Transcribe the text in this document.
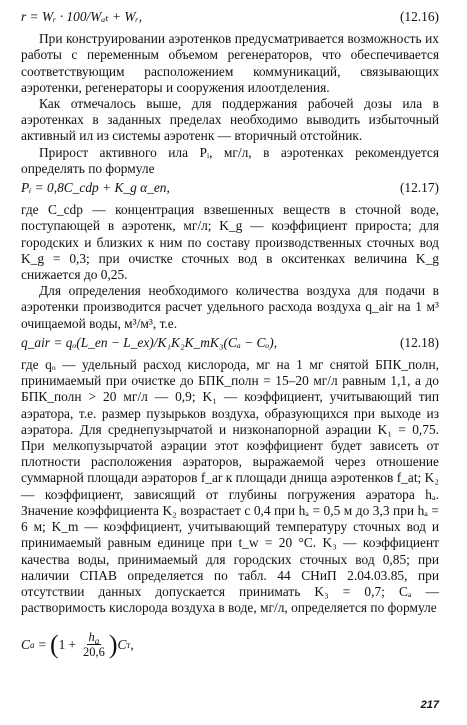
r = Wᵣ · 100/Wₐₜ + Wᵣ,	(12.16)

При конструировании аэротенков предусматривается возможность их работы с переменным объемом регенераторов, что обеспечивается соответствующим расположением коммуникаций, связывающих аэротенки, регенераторы и сооружения илоотделения.

Как отмечалось выше, для поддержания рабочей дозы ила в аэротенках в заданных пределах необходимо выводить избыточный активный ил из системы аэротенк — вторичный отстойник.

Прирост активного ила Pᵢ, мг/л, в аэротенках рекомендуется определять по формуле

Pᵢ = 0,8C_cdp + K_g α_en,	(12.17)

где C_cdp — концентрация взвешенных веществ в сточной воде, поступающей в аэротенк, мг/л; K_g — коэффициент прироста; для городских и близких к ним по составу производственных сточных вод K_g = 0,3; при очистке сточных вод в окситенках величина K_g снижается до 0,25.

Для определения необходимого количества воздуха для подачи в аэротенки производится расчет удельного расхода воздуха q_air на 1 м³ очищаемой воды, м³/м³, т.е.

q_air = qₒ(L_en − L_ex)/K₁K₂K_mK₃(Cₐ − Cₒ),	(12.18)

где qₒ — удельный расход кислорода, мг на 1 мг снятой БПК_полн, принимаемый при очистке до БПК_полн = 15–20 мг/л равным 1,1, а до БПК_полн > 20 мг/л — 0,9; K₁ — коэффициент, учитывающий тип аэратора, т.е. размер пузырьков воздуха, образующихся при выходе из аэратора. Для среднепузырчатой и низконапорной аэрации K₁ = 0,75. При мелкопузырчатой аэрации этот коэффициент будет зависеть от плотности расположения аэраторов, выражаемой через отношение суммарной площади аэраторов f_ar к площади днища аэротенков f_at; K₂ — коэффициент, зависящий от глубины погружения аэратора hₐ. Значение коэффициента K₂ возрастает с 0,4 при hₐ = 0,5 м до 3,3 при hₐ = 6 м; K_m — коэффициент, учитывающий температуру сточных вод и принимаемый равным единице при t_w = 20 °С. K₃ — коэффициент качества воды, принимаемый для городских сточных вод 0,85; при наличии СПАВ определяется по табл. 44 СНиП 2.04.03.85, при отсутствии данных допускается принимать K₃ = 0,7; Cₐ — растворимость кислорода воздуха в воде, мг/л, определяется по формуле

C a = ( $1 + \frac{h_a}{20,6}$ ) C т ,
217
